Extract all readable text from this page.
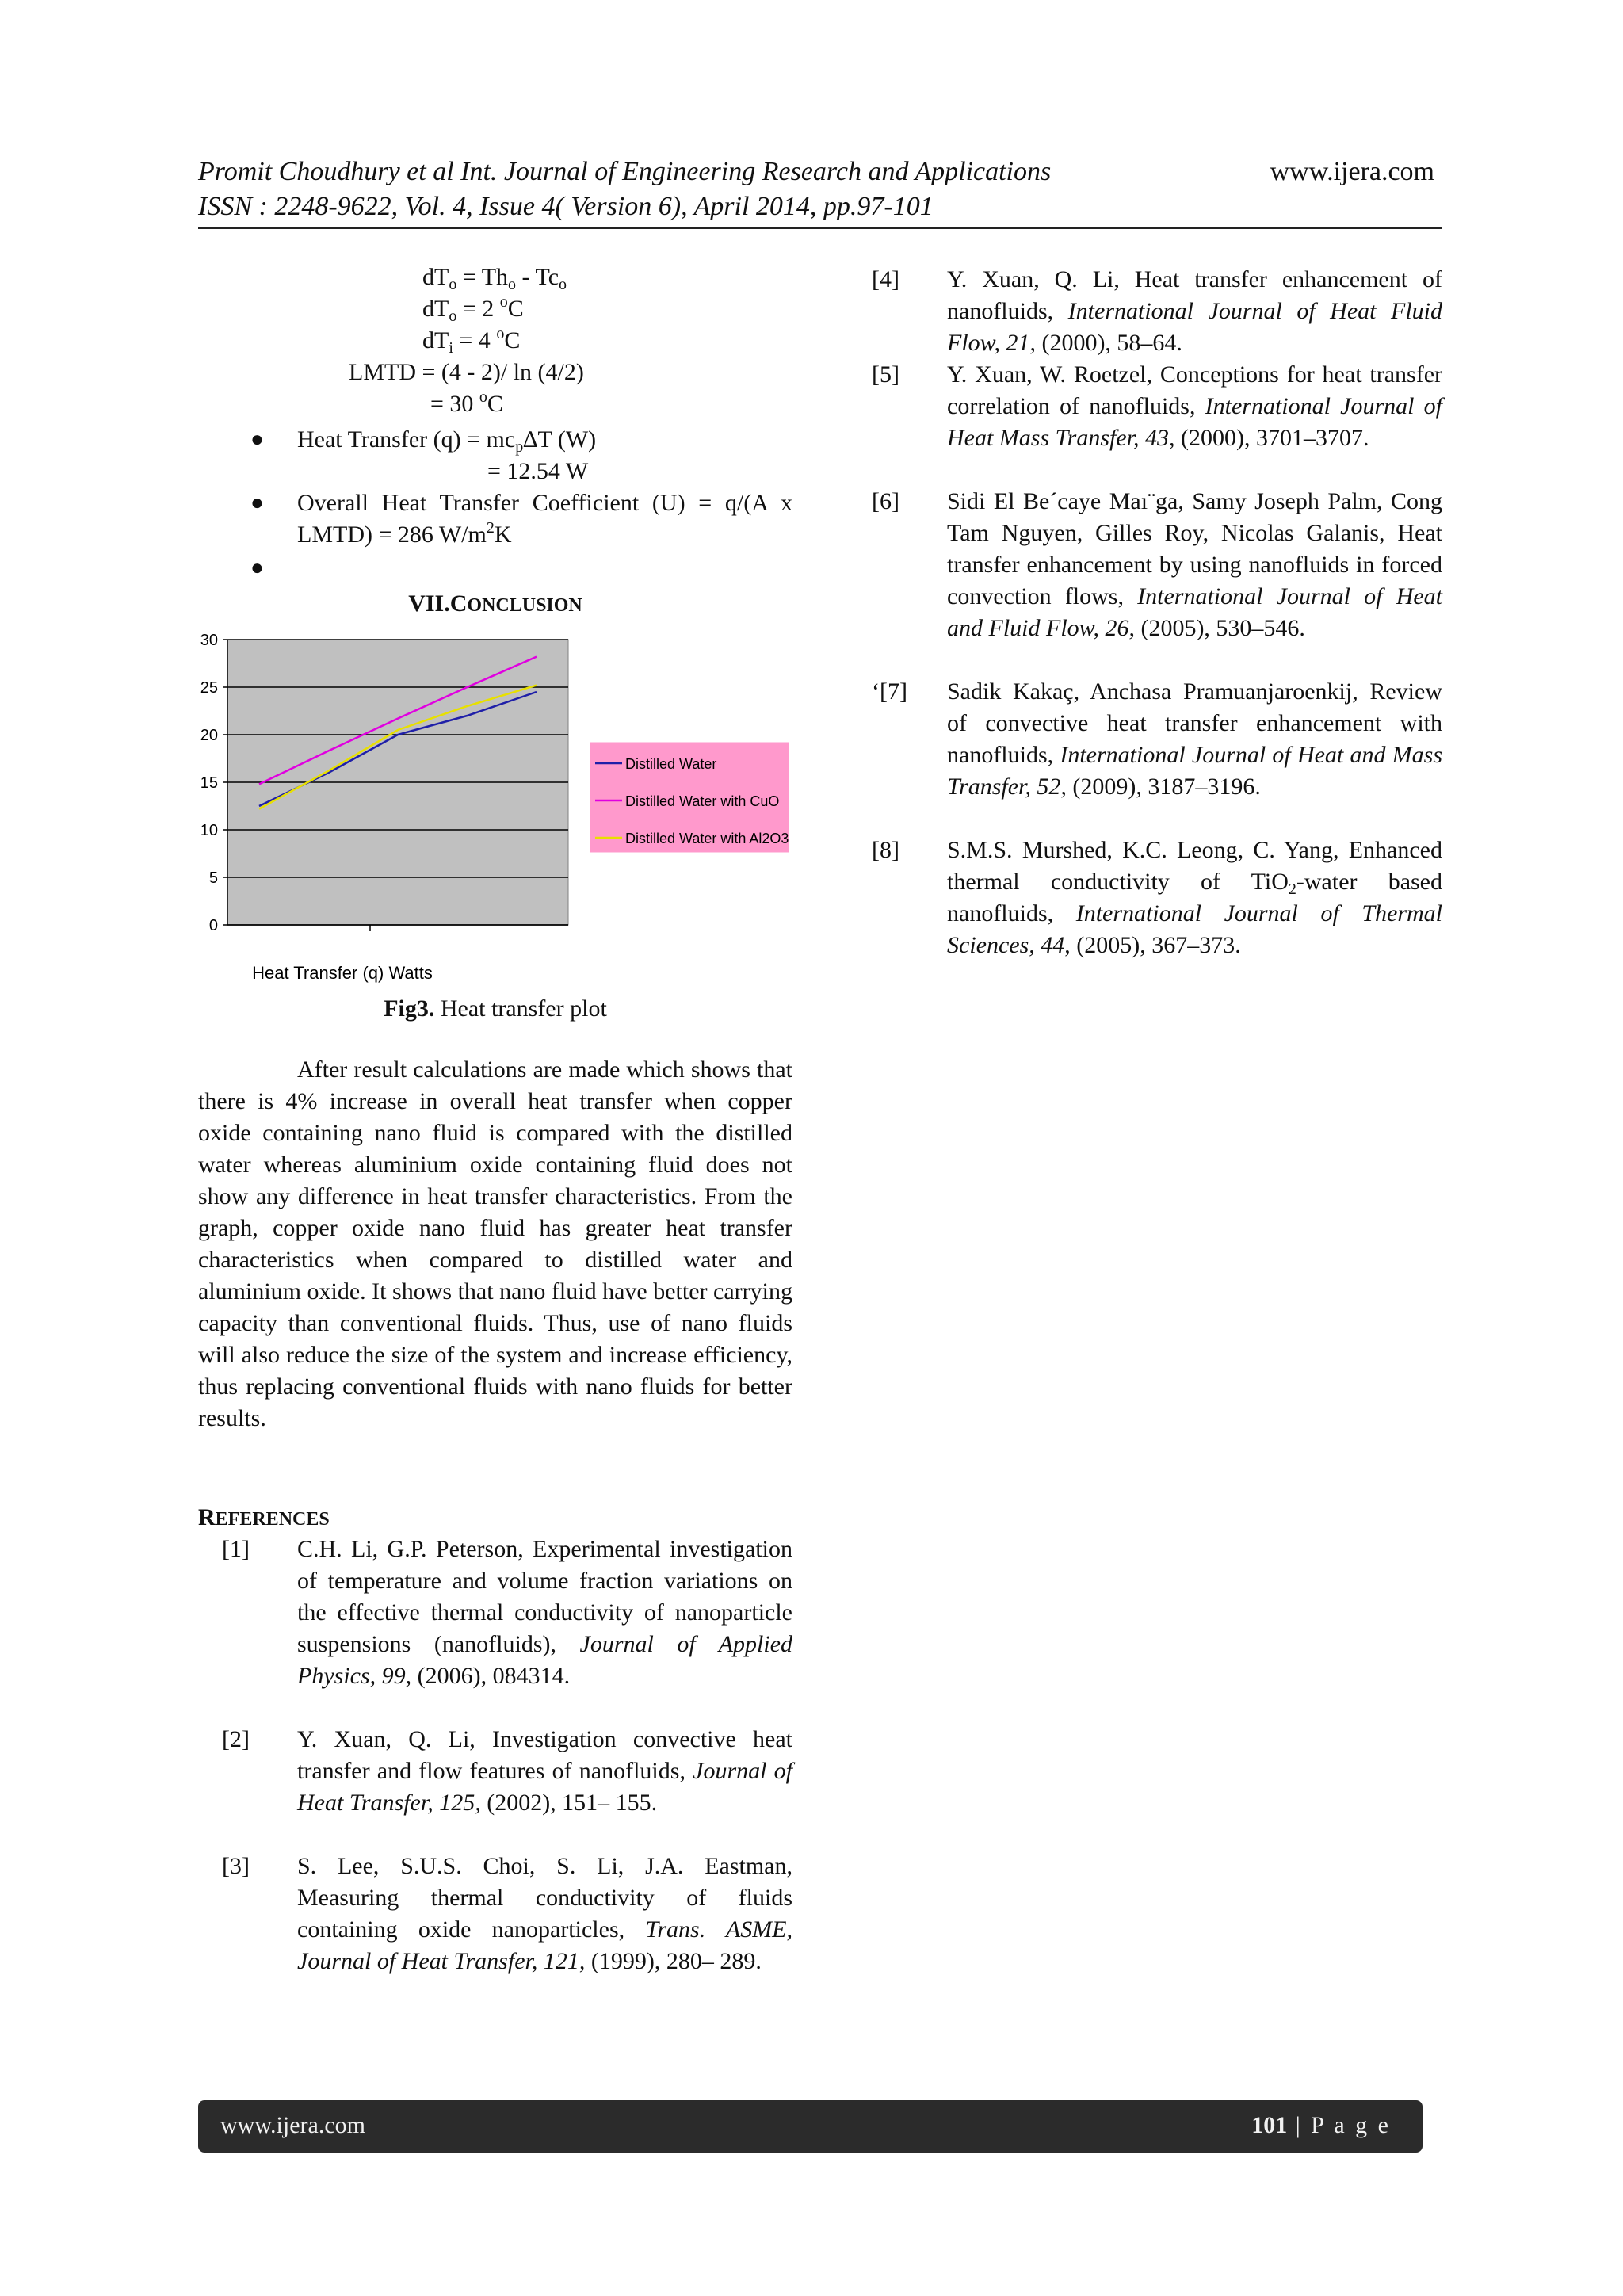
Promit Choudhury et al Int. Journal of Engineering Research and Applications
ISSN : 2248-9622, Vol. 4, Issue 4( Version 6), April 2014, pp.97-101
www.ijera.com
$dT_o = Th_o - Tc_o$
$dT_o = 2$ $^o$C
$dT_i = 4$ $^o$C
LMTD = (4 - 2)/ ln (4/2)
= 30 $^o$C
● Heat Transfer $(q) = mc_p\Delta T$ (W)
= 12.54 W
● Overall Heat Transfer Coefficient (U) = q/(A x LMTD) = 286 $W/m^2K$
●
VII.CONCLUSION
0
5
10
15
20
25
30
Heat Transfer (q) Watts
Distilled Water
Distilled Water with CuO
Distilled Water with Al2O3
Fig3. Heat transfer plot
After result calculations are made which shows that there is 4% increase in overall heat transfer when copper oxide containing nano fluid is compared with the distilled water whereas aluminium oxide containing fluid does not show any difference in heat transfer characteristics. From the graph, copper oxide nano fluid has greater heat transfer characteristics when compared to distilled water and aluminium oxide. It shows that nano fluid have better carrying capacity than conventional fluids. Thus, use of nano fluids will also reduce the size of the system and increase efficiency, thus replacing conventional fluids with nano fluids for better results.
REFERENCES
[1] C.H. Li, G.P. Peterson, Experimental investigation of temperature and volume fraction variations on the effective thermal conductivity of nanoparticle suspensions (nanofluids), Journal of Applied Physics, 99, (2006), 084314.
[2] Y. Xuan, Q. Li, Investigation convective heat transfer and flow features of nanofluids, Journal of Heat Transfer, 125, (2002), 151– 155.
[3] S. Lee, S.U.S. Choi, S. Li, J.A. Eastman, Measuring thermal conductivity of fluids containing oxide nanoparticles, Trans. ASME, Journal of Heat Transfer, 121, (1999), 280– 289.
[4] Y. Xuan, Q. Li, Heat transfer enhancement of nanofluids, International Journal of Heat Fluid Flow, 21, (2000), 58–64.
[5] Y. Xuan, W. Roetzel, Conceptions for heat transfer correlation of nanofluids, International Journal of Heat Mass Transfer, 43, (2000), 3701–3707.
[6] Sidi El Be´caye Maı¨ga, Samy Joseph Palm, Cong Tam Nguyen, Gilles Roy, Nicolas Galanis, Heat transfer enhancement by using nanofluids in forced convection flows, International Journal of Heat and Fluid Flow, 26, (2005), 530–546.
‘[7] Sadik Kakaç, Anchasa Pramuanjaroenkij, Review of convective heat transfer enhancement with nanofluids, International Journal of Heat and Mass Transfer, 52, (2009), 3187–3196.
[8] S.M.S. Murshed, K.C. Leong, C. Yang, Enhanced thermal conductivity of TiO$_2$-water based nanofluids, International Journal of Thermal Sciences, 44, (2005), 367–373.
www.ijera.com	101 | P a g e
